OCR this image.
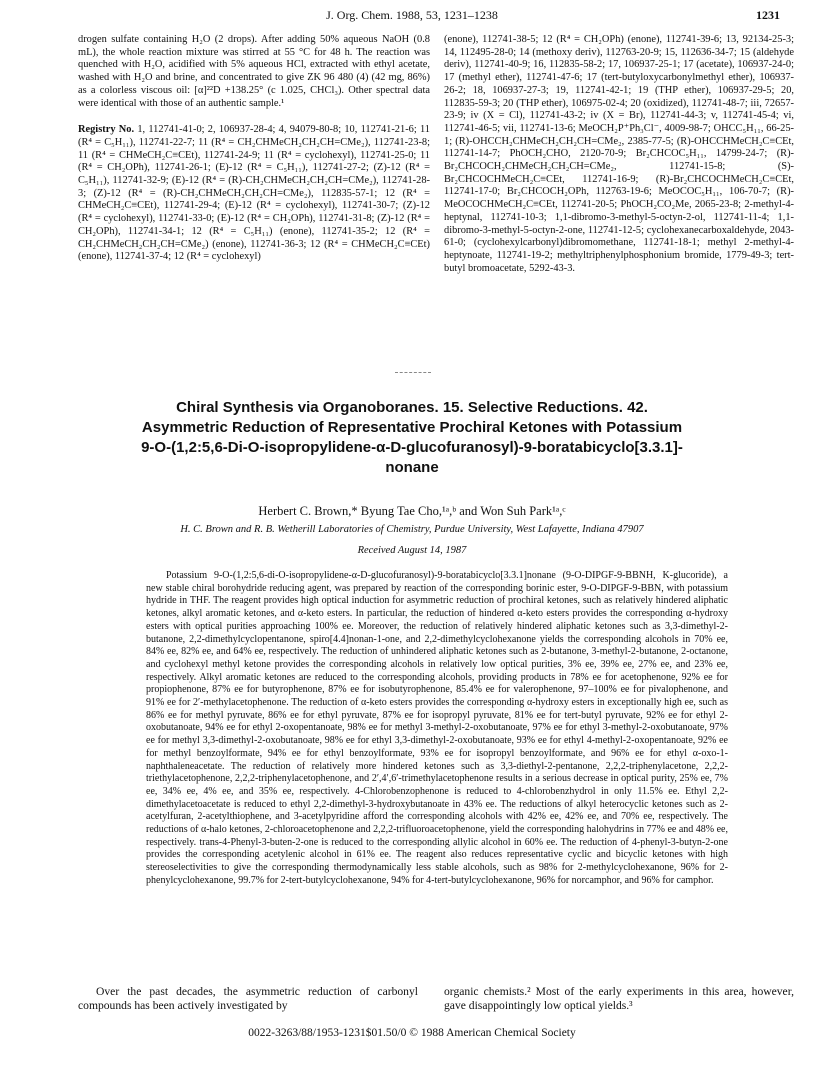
J. Org. Chem. 1988, 53, 1231–1238	1231

drogen sulfate containing H₂O (2 drops). After adding 50% aqueous NaOH (0.8 mL), the whole reaction mixture was stirred at 55 °C for 48 h. The reaction was quenched with H₂O, acidified with 5% aqueous HCl, extracted with ethyl acetate, washed with H₂O and brine, and concentrated to give ZK 96 480 (4) (42 mg, 86%) as a colorless viscous oil: [α]²²D +138.25° (c 1.025, CHCl₃). Other spectral data were identical with those of an authentic sample.¹

Registry No. 1, 112741-41-0; 2, 106937-28-4; 4, 94079-80-8; 10, 112741-21-6; 11 (R⁴ = C₅H₁₁), 112741-22-7; 11 (R⁴ = CH₂CHMeCH₂CH₂CH=CMe₂), 112741-23-8; 11 (R⁴ = CHMeCH₂C≡CEt), 112741-24-9; 11 (R⁴ = cyclohexyl), 112741-25-0; 11 (R⁴ = CH₂OPh), 112741-26-1; (E)-12 (R⁴ = C₅H₁₁), 112741-27-2; (Z)-12 (R⁴ = C₅H₁₁), 112741-32-9; (E)-12 (R⁴ = (R)-CH₂CHMeCH₂CH₂CH=CMe₂), 112741-28-3; (Z)-12 (R⁴ = (R)-CH₂CHMeCH₂CH₂CH=CMe₂), 112835-57-1; 12 (R⁴ = CHMeCH₂C≡CEt), 112741-29-4; (E)-12 (R⁴ = cyclohexyl), 112741-30-7; (Z)-12 (R⁴ = cyclohexyl), 112741-33-0; (E)-12 (R⁴ = CH₂OPh), 112741-31-8; (Z)-12 (R⁴ = CH₂OPh), 112741-34-1; 12 (R⁴ = C₅H₁₁) (enone), 112741-35-2; 12 (R⁴ = CH₂CHMeCH₂CH₂CH=CMe₂) (enone), 112741-36-3; 12 (R⁴ = CHMeCH₂C≡CEt) (enone), 112741-37-4; 12 (R⁴ = cyclohexyl)

(enone), 112741-38-5; 12 (R⁴ = CH₂OPh) (enone), 112741-39-6; 13, 92134-25-3; 14, 112495-28-0; 14 (methoxy deriv), 112763-20-9; 15, 112636-34-7; 15 (aldehyde deriv), 112741-40-9; 16, 112835-58-2; 17, 106937-25-1; 17 (acetate), 106937-24-0; 17 (methyl ether), 112741-47-6; 17 (tert-butyloxycarbonylmethyl ether), 106937-26-2; 18, 106937-27-3; 19, 112741-42-1; 19 (THP ether), 106937-29-5; 20, 112835-59-3; 20 (THP ether), 106975-02-4; 20 (oxidized), 112741-48-7; iii, 72657-23-9; iv (X = Cl), 112741-43-2; iv (X = Br), 112741-44-3; v, 112741-45-4; vi, 112741-46-5; vii, 112741-13-6; MeOCH₂P⁺Ph₃Cl⁻, 4009-98-7; OHCC₅H₁₁, 66-25-1; (R)-OHCCH₂CHMeCH₂CH₂CH=CMe₂, 2385-77-5; (R)-OHCCHMeCH₂C≡CEt, 112741-14-7; PhOCH₂CHO, 2120-70-9; Br₂CHCOC₅H₁₁, 14799-24-7; (R)-Br₂CHCOCH₂CHMeCH₂CH₂CH=CMe₂, 112741-15-8; (S)-Br₂CHCOCHMeCH₂C≡CEt, 112741-16-9; (R)-Br₂CHCOCHMeCH₂C≡CEt, 112741-17-0; Br₂CHCOCH₂OPh, 112763-19-6; MeOCOC₅H₁₁, 106-70-7; (R)-MeOCOCHMeCH₂C≡CEt, 112741-20-5; PhOCH₂CO₂Me, 2065-23-8; 2-methyl-4-heptynal, 112741-10-3; 1,1-dibromo-3-methyl-5-octyn-2-ol, 112741-11-4; 1,1-dibromo-3-methyl-5-octyn-2-one, 112741-12-5; cyclohexanecarboxaldehyde, 2043-61-0; (cyclohexylcarbonyl)dibromomethane, 112741-18-1; methyl 2-methyl-4-heptynoate, 112741-19-2; methyltriphenylphosphonium bromide, 1779-49-3; tert-butyl bromoacetate, 5292-43-3.

Chiral Synthesis via Organoboranes. 15. Selective Reductions. 42.
Asymmetric Reduction of Representative Prochiral Ketones with Potassium
9-O-(1,2:5,6-Di-O-isopropylidene-α-D-glucofuranosyl)-9-boratabicyclo[3.3.1]-
nonane
Herbert C. Brown,* Byung Tae Cho,¹ᵃ,ᵇ and Won Suh Park¹ᵃ,ᶜ
H. C. Brown and R. B. Wetherill Laboratories of Chemistry, Purdue University, West Lafayette, Indiana 47907
Received August 14, 1987

Potassium 9-O-(1,2:5,6-di-O-isopropylidene-α-D-glucofuranosyl)-9-boratabicyclo[3.3.1]nonane (9-O-DIPGF-9-BBNH, K-glucoride), a new stable chiral borohydride reducing agent, was prepared by reaction of the corresponding borinic ester, 9-O-DIPGF-9-BBN, with potassium hydride in THF. The reagent provides high optical induction for asymmetric reduction of prochiral ketones, such as relatively hindered aliphatic ketones, alkyl aromatic ketones, and α-keto esters. In particular, the reduction of hindered α-keto esters provides the corresponding α-hydroxy esters with optical purities approaching 100% ee. Moreover, the reduction of relatively hindered aliphatic ketones such as 3,3-dimethyl-2-butanone, 2,2-dimethylcyclopentanone, spiro[4.4]nonan-1-one, and 2,2-dimethylcyclohexanone yields the corresponding alcohols in 70% ee, 84% ee, 82% ee, and 64% ee, respectively. The reduction of unhindered aliphatic ketones such as 2-butanone, 3-methyl-2-butanone, 2-octanone, and cyclohexyl methyl ketone provides the corresponding alcohols in relatively low optical purities, 3% ee, 39% ee, 27% ee, and 23% ee, respectively. Alkyl aromatic ketones are reduced to the corresponding alcohols, providing products in 78% ee for acetophenone, 92% ee for propiophenone, 87% ee for butyrophenone, 87% ee for isobutyrophenone, 85.4% ee for valerophenone, 97–100% ee for pivalophenone, and 91% ee for 2′-methylacetophenone. The reduction of α-keto esters provides the corresponding α-hydroxy esters in exceptionally high ee, such as 86% ee for methyl pyruvate, 86% ee for ethyl pyruvate, 87% ee for isopropyl pyruvate, 81% ee for tert-butyl pyruvate, 92% ee for ethyl 2-oxobutanoate, 94% ee for ethyl 2-oxopentanoate, 98% ee for methyl 3-methyl-2-oxobutanoate, 97% ee for ethyl 3-methyl-2-oxobutanoate, 97% ee for methyl 3,3-dimethyl-2-oxobutanoate, 98% ee for ethyl 3,3-dimethyl-2-oxobutanoate, 93% ee for ethyl 4-methyl-2-oxopentanoate, 92% ee for methyl benzoylformate, 94% ee for ethyl benzoylformate, 93% ee for isopropyl benzoylformate, and 96% ee for ethyl α-oxo-1-naphthaleneacetate. The reduction of relatively more hindered ketones such as 3,3-diethyl-2-pentanone, 2,2,2-triphenylacetone, 2,2,2-triethylacetophenone, 2,2,2-triphenylacetophenone, and 2′,4′,6′-trimethylacetophenone results in a serious decrease in optical purity, 25% ee, 7% ee, 34% ee, 4% ee, and 35% ee, respectively. 4-Chlorobenzophenone is reduced to 4-chlorobenzhydrol in only 11.5% ee. Ethyl 2,2-dimethylacetoacetate is reduced to ethyl 2,2-dimethyl-3-hydroxybutanoate in 43% ee. The reductions of alkyl heterocyclic ketones such as 2-acetylfuran, 2-acetylthiophene, and 3-acetylpyridine afford the corresponding alcohols with 42% ee, 42% ee, and 70% ee, respectively. The reductions of α-halo ketones, 2-chloroacetophenone and 2,2,2-trifluoroacetophenone, yield the corresponding halohydrins in 77% ee and 48% ee, respectively. trans-4-Phenyl-3-buten-2-one is reduced to the corresponding allylic alcohol in 60% ee. The reduction of 4-phenyl-3-butyn-2-one provides the corresponding acetylenic alcohol in 61% ee. The reagent also reduces representative cyclic and bicyclic ketones with high stereoselectivities to give the corresponding thermodynamically less stable alcohols, such as 98% for 2-methylcyclohexanone, 96% for 2-phenylcyclohexanone, 99.7% for 2-tert-butylcyclohexanone, 94% for 4-tert-butylcyclohexanone, 96% for norcamphor, and 96% for camphor.

Over the past decades, the asymmetric reduction of carbonyl compounds has been actively investigated by

organic chemists.² Most of the early experiments in this area, however, gave disappointingly low optical yields.³

0022-3263/88/1953-1231$01.50/0 © 1988 American Chemical Society
